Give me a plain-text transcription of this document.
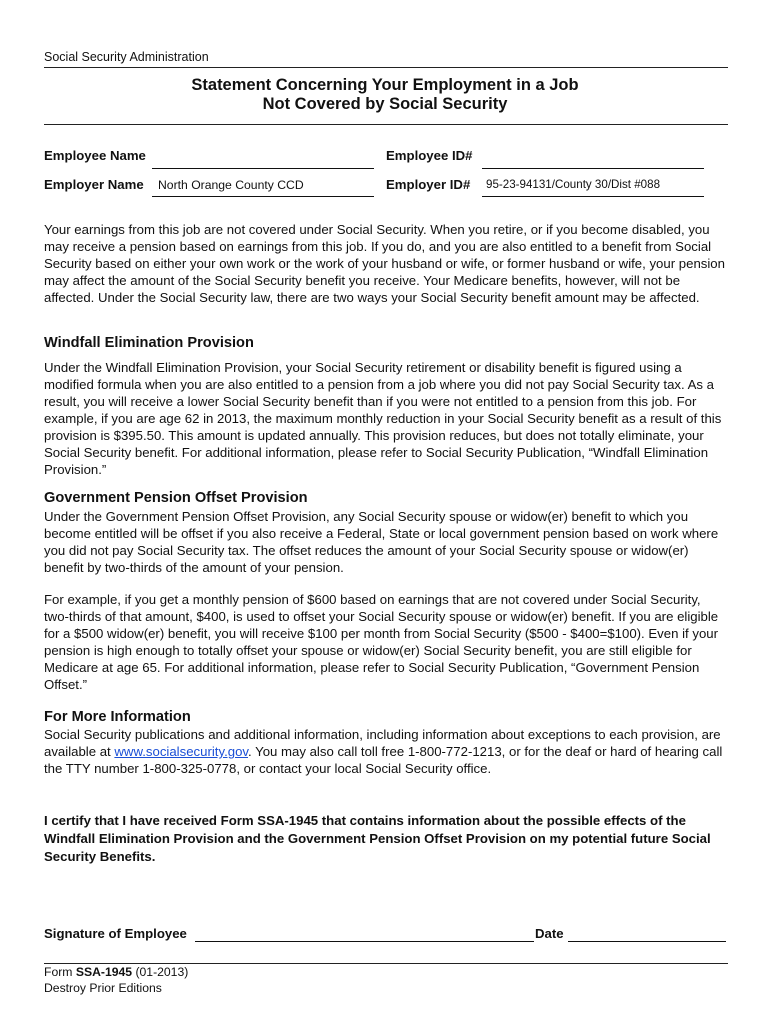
Social Security Administration
Statement Concerning Your Employment in a Job
Not Covered by Social Security
Employee Name	Employee ID#
Employer Name North Orange County CCD	Employer ID# 95-23-94131/County 30/Dist #088
Your earnings from this job are not covered under Social Security. When you retire, or if you become disabled, you may receive a pension based on earnings from this job. If you do, and you are also entitled to a benefit from Social Security based on either your own work or the work of your husband or wife, or former husband or wife, your pension may affect the amount of the Social Security benefit you receive. Your Medicare benefits, however, will not be affected. Under the Social Security law, there are two ways your Social Security benefit amount may be affected.
Windfall Elimination Provision
Under the Windfall Elimination Provision, your Social Security retirement or disability benefit is figured using a modified formula when you are also entitled to a pension from a job where you did not pay Social Security tax. As a result, you will receive a lower Social Security benefit than if you were not entitled to a pension from this job. For example, if you are age 62 in 2013, the maximum monthly reduction in your Social Security benefit as a result of this provision is $395.50. This amount is updated annually. This provision reduces, but does not totally eliminate, your Social Security benefit. For additional information, please refer to Social Security Publication, “Windfall Elimination Provision.”
Government Pension Offset Provision
Under the Government Pension Offset Provision, any Social Security spouse or widow(er) benefit to which you become entitled will be offset if you also receive a Federal, State or local government pension based on work where you did not pay Social Security tax. The offset reduces the amount of your Social Security spouse or widow(er) benefit by two-thirds of the amount of your pension.
For example, if you get a monthly pension of $600 based on earnings that are not covered under Social Security, two-thirds of that amount, $400, is used to offset your Social Security spouse or widow(er) benefit. If you are eligible for a $500 widow(er) benefit, you will receive $100 per month from Social Security ($500 - $400=$100). Even if your pension is high enough to totally offset your spouse or widow(er) Social Security benefit, you are still eligible for Medicare at age 65. For additional information, please refer to Social Security Publication, “Government Pension Offset.”
For More Information
Social Security publications and additional information, including information about exceptions to each provision, are available at www.socialsecurity.gov. You may also call toll free 1-800-772-1213, or for the deaf or hard of hearing call the TTY number 1-800-325-0778, or contact your local Social Security office.
I certify that I have received Form SSA-1945 that contains information about the possible effects of the Windfall Elimination Provision and the Government Pension Offset Provision on my potential future Social Security Benefits.
Signature of Employee	Date
Form SSA-1945 (01-2013)
Destroy Prior Editions
